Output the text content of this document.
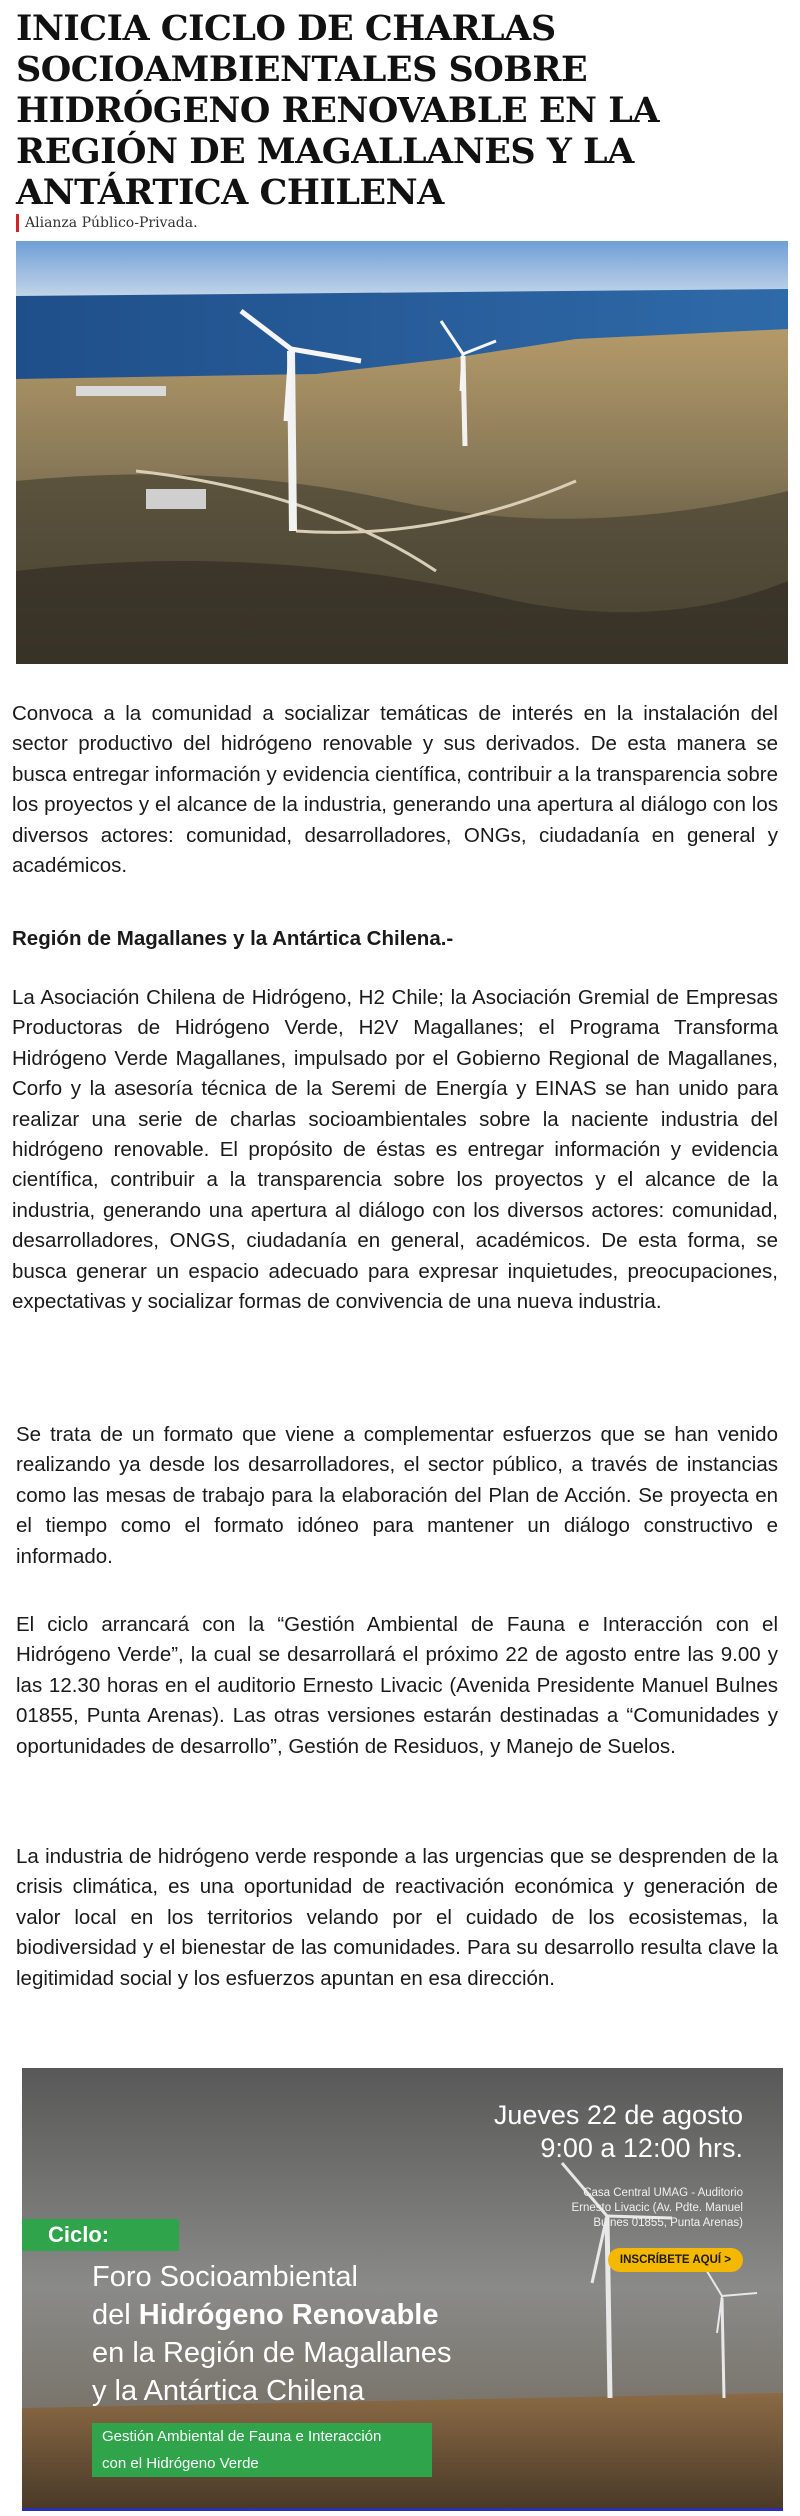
INICIA CICLO DE CHARLAS SOCIOAMBIENTALES SOBRE HIDRÓGENO RENOVABLE EN LA REGIÓN DE MAGALLANES Y LA ANTÁRTICA CHILENA
Alianza Público-Privada.

Convoca a la comunidad a socializar temáticas de interés en la instalación del sector productivo del hidrógeno renovable y sus derivados. De esta manera se busca entregar información y evidencia científica, contribuir a la transparencia sobre los proyectos y el alcance de la industria, generando una apertura al diálogo con los diversos actores: comunidad, desarrolladores, ONGs, ciudadanía en general y académicos.

Región de Magallanes y la Antártica Chilena.-

La Asociación Chilena de Hidrógeno, H2 Chile; la Asociación Gremial de Empresas Productoras de Hidrógeno Verde, H2V Magallanes; el Programa Transforma Hidrógeno Verde Magallanes, impulsado por el Gobierno Regional de Magallanes, Corfo y la asesoría técnica de la Seremi de Energía y EINAS se han unido para realizar una serie de charlas socioambientales sobre la naciente industria del hidrógeno renovable. El propósito de éstas es entregar información y evidencia científica, contribuir a la transparencia sobre los proyectos y el alcance de la industria, generando una apertura al diálogo con los diversos actores: comunidad, desarrolladores, ONGS, ciudadanía en general, académicos. De esta forma, se busca generar un espacio adecuado para expresar inquietudes, preocupaciones, expectativas y socializar formas de convivencia de una nueva industria.

Se trata de un formato que viene a complementar esfuerzos que se han venido realizando ya desde los desarrolladores, el sector público, a través de instancias como las mesas de trabajo para la elaboración del Plan de Acción. Se proyecta en el tiempo como el formato idóneo para mantener un diálogo constructivo e informado.

El ciclo arrancará con la “Gestión Ambiental de Fauna e Interacción con el Hidrógeno Verde”, la cual se desarrollará el próximo 22 de agosto entre las 9.00 y las 12.30 horas en el auditorio Ernesto Livacic (Avenida Presidente Manuel Bulnes 01855, Punta Arenas). Las otras versiones estarán destinadas a “Comunidades y oportunidades de desarrollo”, Gestión de Residuos, y Manejo de Suelos.

La industria de hidrógeno verde responde a las urgencias que se desprenden de la crisis climática, es una oportunidad de reactivación económica y generación de valor local en los territorios velando por el cuidado de los ecosistemas, la biodiversidad y el bienestar de las comunidades. Para su desarrollo resulta clave la legitimidad social y los esfuerzos apuntan en esa dirección.

Jueves 22 de agosto
9:00 a 12:00 hrs.
Casa Central UMAG - Auditorio
Ernesto Livacic (Av. Pdte. Manuel
Bulnes 01855, Punta Arenas)
INSCRÍBETE AQUÍ >
Ciclo:
Foro Socioambiental
del Hidrógeno Renovable
en la Región de Magallanes
y la Antártica Chilena
Gestión Ambiental de Fauna e Interacción
con el Hidrógeno Verde
